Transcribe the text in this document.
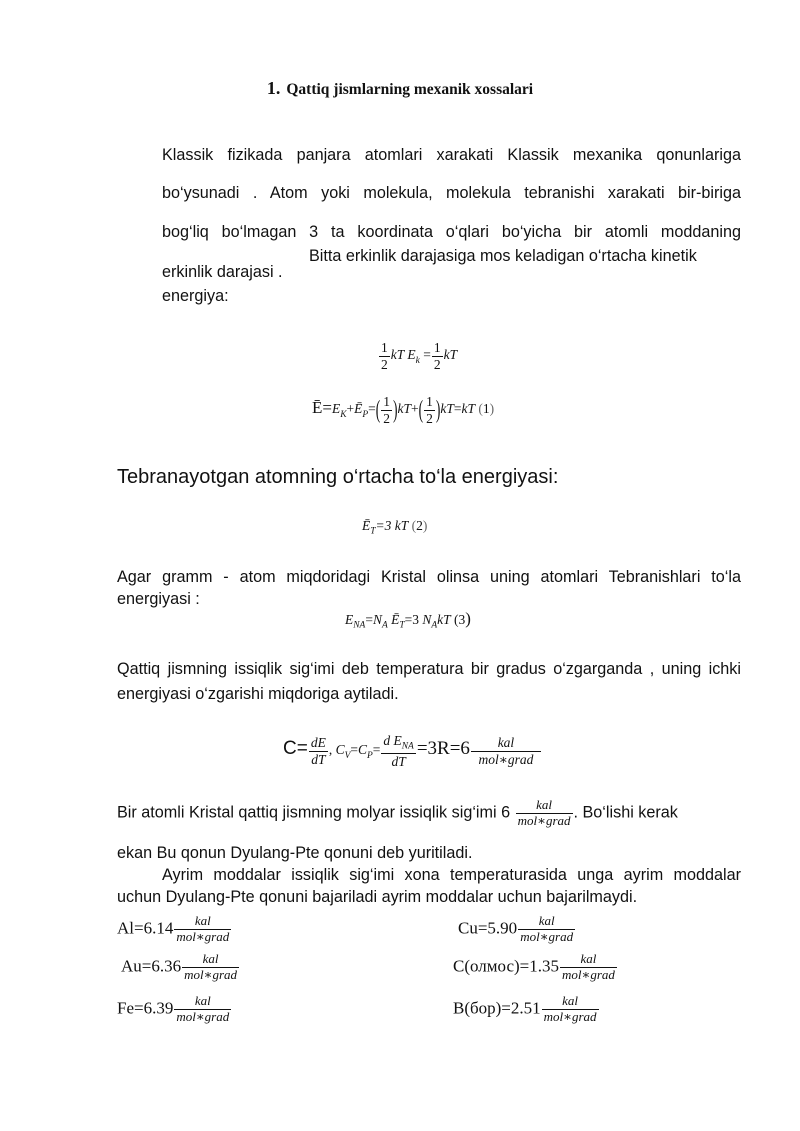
1. Qattiq jismlarning mexanik xossalari
Klassik fizikada panjara atomlari xarakati Klassik mexanika qonunlariga
bo‘ysunadi . Atom yoki molekula, molekula tebranishi xarakati bir-biriga
bog‘liq bo‘lmagan 3 ta koordinata o‘qlari bo‘yicha bir atomli moddaning
erkinlik darajasi .
Bitta erkinlik darajasiga mos keladigan o‘rtacha kinetik
energiya:
$\frac{1}{2}$ kT $E_k = \frac{1}{2}$ kT
$Ē=E_K+Ē_P=( \frac{1}{2} )kT+( \frac{1}{2} )kT=kT$ (1)
Tebranayotgan atomning o‘rtacha to‘la energiyasi:
$Ē_T=3$ kT (2)
Agar gramm - atom miqdoridagi Kristal olinsa uning atomlari Tebranishlari to‘la
energiyasi :
$E_{NA}=N_A$ $Ē_T=3$ $N_AkT$ (3)
Qattiq jismning issiqlik sig‘imi deb temperatura bir gradus o‘zgarganda , uning ichki
energiyasi o‘zgarishi miqdoriga aytiladi.
$C= \frac{dE}{dT}$ , $C_V=C_P= \frac{d E_{NA}}{dT} =3R=6 \frac{\text{kal}}{\text{mol∗grad}}$
Bir atomli Kristal qattiq jismning molyar issiqlik sig‘imi $6 \frac{\text{kal}}{\text{mol∗grad}}$ . Bo‘lishi kerak
ekan Bu qonun Dyulang-Pte qonuni deb yuritiladi.
Ayrim moddalar issiqlik sig‘imi xona temperaturasida unga ayrim moddalar
uchun Dyulang-Pte qonuni bajariladi ayrim moddalar uchun bajarilmaydi.
$Al=6.14 \frac{\text{kal}}{\text{mol∗grad}}$	$Cu=5.90 \frac{\text{kal}}{\text{mol∗grad}}$
$Au=6.36 \frac{\text{kal}}{\text{mol∗grad}}$	C(олмос)=1.35 $\frac{\text{kal}}{\text{mol∗grad}}$
$Fe=6.39 \frac{\text{kal}}{\text{mol∗grad}}$	$B(бор)=2.51 \frac{\text{kal}}{\text{mol∗grad}}$
